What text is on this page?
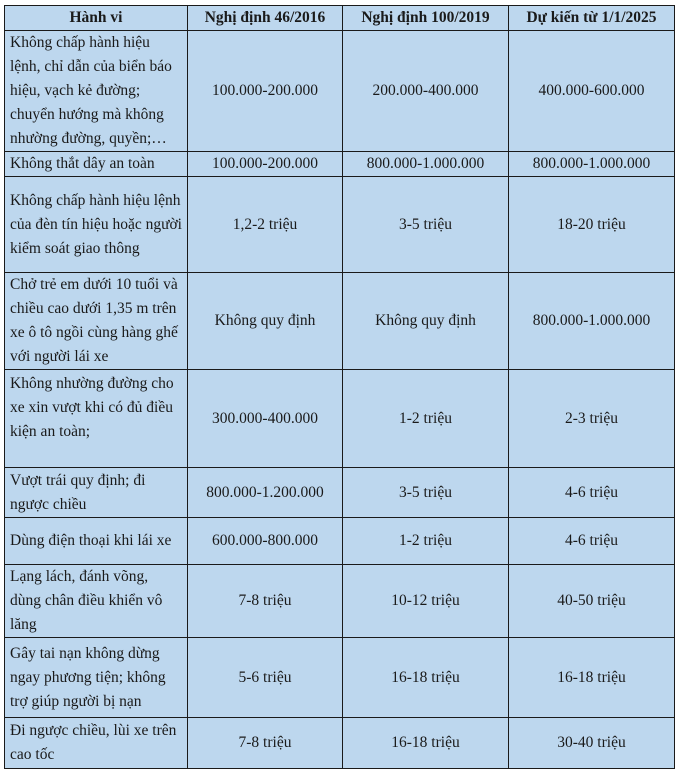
Hành vi	Nghị định 46/2016	Nghị định 100/2019	Dự kiến từ 1/1/2025
Không chấp hành hiệu lệnh, chỉ dẫn của biển báo hiệu, vạch kẻ đường; chuyển hướng mà không nhường đường, quyền;…	100.000-200.000	200.000-400.000	400.000-600.000
Không thắt dây an toàn	100.000-200.000	800.000-1.000.000	800.000-1.000.000
Không chấp hành hiệu lệnh của đèn tín hiệu hoặc người kiểm soát giao thông	1,2-2 triệu	3-5 triệu	18-20 triệu
Chở trẻ em dưới 10 tuổi và chiều cao dưới 1,35 m trên xe ô tô ngồi cùng hàng ghế với người lái xe	Không quy định	Không quy định	800.000-1.000.000
Không nhường đường cho xe xin vượt khi có đủ điều kiện an toàn;	300.000-400.000	1-2 triệu	2-3 triệu
Vượt trái quy định; đi ngược chiều	800.000-1.200.000	3-5 triệu	4-6 triệu
Dùng điện thoại khi lái xe	600.000-800.000	1-2 triệu	4-6 triệu
Lạng lách, đánh võng, dùng chân điều khiển vô lăng	7-8 triệu	10-12 triệu	40-50 triệu
Gây tai nạn không dừng ngay phương tiện; không trợ giúp người bị nạn	5-6 triệu	16-18 triệu	16-18 triệu
Đi ngược chiều, lùi xe trên cao tốc	7-8 triệu	16-18 triệu	30-40 triệu
